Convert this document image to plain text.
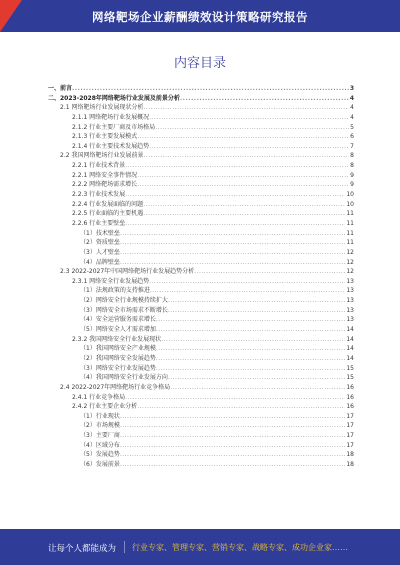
网络靶场企业薪酬绩效设计策略研究报告
内容目录
一、前言 .....	3
二、2023-2028年网络靶场行业发展及前景分析 .....	4
2.1 网络靶场行业发展现状分析 .....	4
2.1.1 网络靶场行业发展概况 .....	4
2.1.2 行业主要厂商及市场格局 .....	5
2.1.3 行业主要发展模式 .....	6
2.1.4 行业主要技术发展趋势 .....	7
2.2 我国网络靶场行业发展前景 .....	8
2.2.1 行业技术背景 .....	8
2.2.1 网络安全事件情况 .....	9
2.2.2 网络靶场需求增长 .....	9
2.2.3 行业技术发展 .....	10
2.2.4 行业发展面临的问题 .....	10
2.2.5 行业面临的主要机遇 .....	11
2.2.6 行业主要壁垒 .....	11
（1）技术壁垒 .....	11
（2）资质壁垒 .....	11
（3）人才壁垒 .....	12
（4）品牌壁垒 .....	12
2.3 2022-2027年中国网络靶场行业发展趋势分析 .....	12
2.3.1 网络安全行业发展趋势 .....	13
（1）法规政策的支持推进 .....	13
（2）网络安全行业规模持续扩大 .....	13
（3）网络安全市场需求不断增长 .....	13
（4）安全运营服务需求增长 .....	13
（5）网络安全人才需求增加 .....	14
2.3.2 我国网络安全行业发展现状 .....	14
（1）我国网络安全产业规模 .....	14
（2）我国网络安全发展趋势 .....	14
（3）网络安全行业发展趋势 .....	15
（4）我国网络安全行业发展方向 .....	15
2.4 2022-2027年网络靶场行业竞争格局 .....	16
2.4.1 行业竞争格局 .....	16
2.4.2 行业主要企业分析 .....	16
（1）行业现状 .....	17
（2）市场规模 .....	17
（3）主要厂商 .....	17
（4）区域分布 .....	17
（5）发展趋势 .....	18
（6）发展前景 .....	18
让每个人都能成为 行业专家、管理专家、营销专家、战略专家、成功企业家……
